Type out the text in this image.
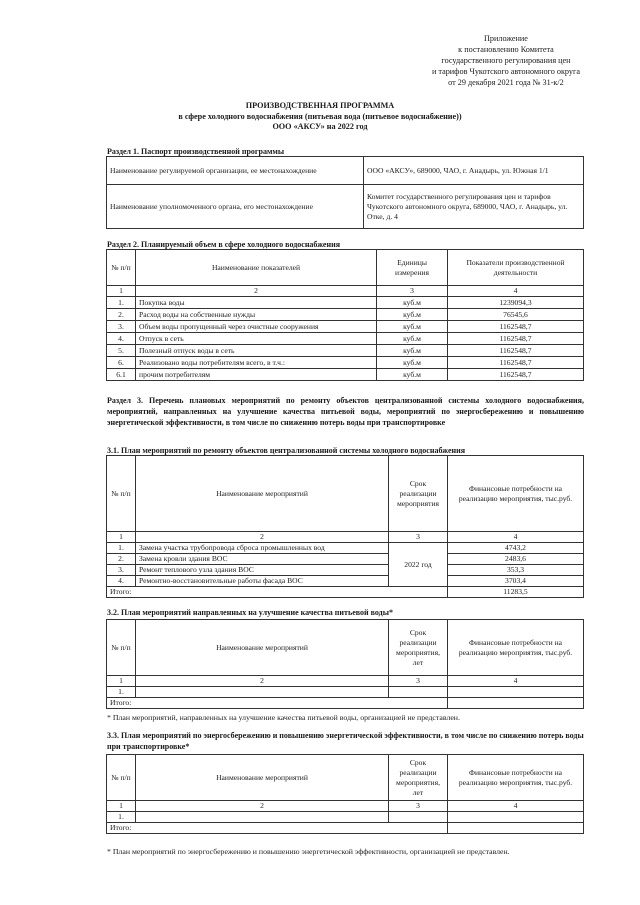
Приложение
к постановлению Комитета
государственного регулирования цен
и тарифов Чукотского автономного округа
от 29 декабря 2021 года № 31-к/2
ПРОИЗВОДСТВЕННАЯ ПРОГРАММА
в сфере холодного водоснабжения (питьевая вода (питьевое водоснабжение))
ООО «АКСУ» на 2022 год
Раздел 1. Паспорт производственной программы
Наименование регулируемой организации, ее местонахождение	ООО «АКСУ», 689000, ЧАО, г. Анадырь, ул. Южная 1/1
Наименование уполномоченного органа, его местонахождение	Комитет государственного регулирования цен и тарифов Чукотского автономного округа, 689000, ЧАО, г. Анадырь, ул. Отке, д. 4
Раздел 2. Планируемый объем в сфере холодного водоснабжения
№ п/п	Наименование показателей	Единицы измерения	Показатели производственной деятельности
1	2	3	4
1.	Покупка воды	куб.м	1239094,3
2.	Расход воды на собственные нужды	куб.м	76545,6
3.	Объем воды пропущенный через очистные сооружения	куб.м	1162548,7
4.	Отпуск в сеть	куб.м	1162548,7
5.	Полезный отпуск воды в сеть	куб.м	1162548,7
6.	Реализовано воды потребителям всего, в т.ч.:	куб.м	1162548,7
6.1	прочим потребителям	куб.м	1162548,7
Раздел 3. Перечень плановых мероприятий по ремонту объектов централизованной системы холодного водоснабжения, мероприятий, направленных на улучшение качества питьевой воды, мероприятий по энергосбережению и повышению энергетической эффективности, в том числе по снижению потерь воды при транспортировке
3.1. План мероприятий по ремонту объектов централизованной системы холодного водоснабжения
№ п/п	Наименование мероприятий	Срок реализации мероприятия	Финансовые потребности на реализацию мероприятия, тыс.руб.
1	2	3	4
1.	Замена участка трубопровода сброса промышленных вод	2022 год	4743,2
2.	Замена кровли здания ВОС		2483,6
3.	Ремонт теплового узла здания ВОС		353,3
4.	Ремонтно-восстановительные работы фасада ВОС		3703,4
Итого:			11283,5
3.2. План мероприятий направленных на улучшение качества питьевой воды*
№ п/п	Наименование мероприятий	Срок реализации мероприятия, лет	Финансовые потребности на реализацию мероприятия, тыс.руб.
1	2	3	4
1.			
Итого:			
* План мероприятий, направленных на улучшение качества питьевой воды, организацией не представлен.
3.3. План мероприятий по энергосбережению и повышению энергетической эффективности, в том числе по снижению потерь воды при транспортировке*
№ п/п	Наименование мероприятий	Срок реализации мероприятия, лет	Финансовые потребности на реализацию мероприятия, тыс.руб.
1	2	3	4
1.			
Итого:			
* План мероприятий по энергосбережению и повышению энергетической эффективности, организацией не представлен.
